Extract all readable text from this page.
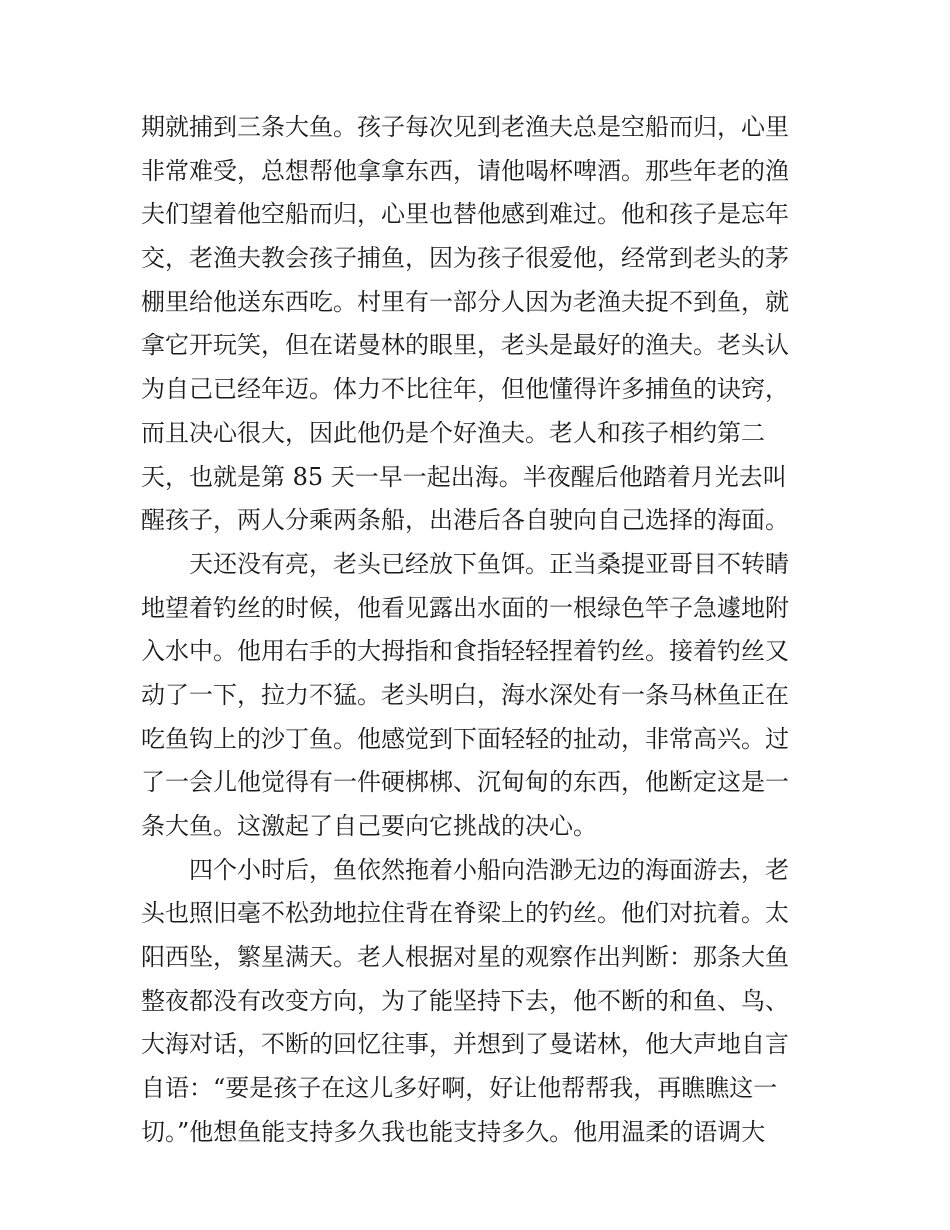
期就捕到三条大鱼。孩子每次见到老渔夫总是空船而归，心里
非常难受，总想帮他拿拿东西，请他喝杯啤酒。那些年老的渔
夫们望着他空船而归，心里也替他感到难过。他和孩子是忘年
交，老渔夫教会孩子捕鱼，因为孩子很爱他，经常到老头的茅
棚里给他送东西吃。村里有一部分人因为老渔夫捉不到鱼，就
拿它开玩笑，但在诺曼林的眼里，老头是最好的渔夫。老头认
为自己已经年迈。体力不比往年，但他懂得许多捕鱼的诀窍，
而且决心很大，因此他仍是个好渔夫。老人和孩子相约第二
天，也就是第 85 天一早一起出海。半夜醒后他踏着月光去叫
醒孩子，两人分乘两条船，出港后各自驶向自己选择的海面。
天还没有亮，老头已经放下鱼饵。正当桑提亚哥目不转睛
地望着钓丝的时候，他看见露出水面的一根绿色竿子急遽地附
入水中。他用右手的大拇指和食指轻轻捏着钓丝。接着钓丝又
动了一下，拉力不猛。老头明白，海水深处有一条马林鱼正在
吃鱼钩上的沙丁鱼。他感觉到下面轻轻的扯动，非常高兴。过
了一会儿他觉得有一件硬梆梆、沉甸甸的东西，他断定这是一
条大鱼。这激起了自己要向它挑战的决心。
四个小时后，鱼依然拖着小船向浩渺无边的海面游去，老
头也照旧毫不松劲地拉住背在脊梁上的钓丝。他们对抗着。太
阳西坠，繁星满天。老人根据对星的观察作出判断：那条大鱼
整夜都没有改变方向，为了能坚持下去，他不断的和鱼、鸟、
大海对话，不断的回忆往事，并想到了曼诺林，他大声地自言
自语：“要是孩子在这儿多好啊，好让他帮帮我，再瞧瞧这一
切。”他想鱼能支持多久我也能支持多久。他用温柔的语调大
